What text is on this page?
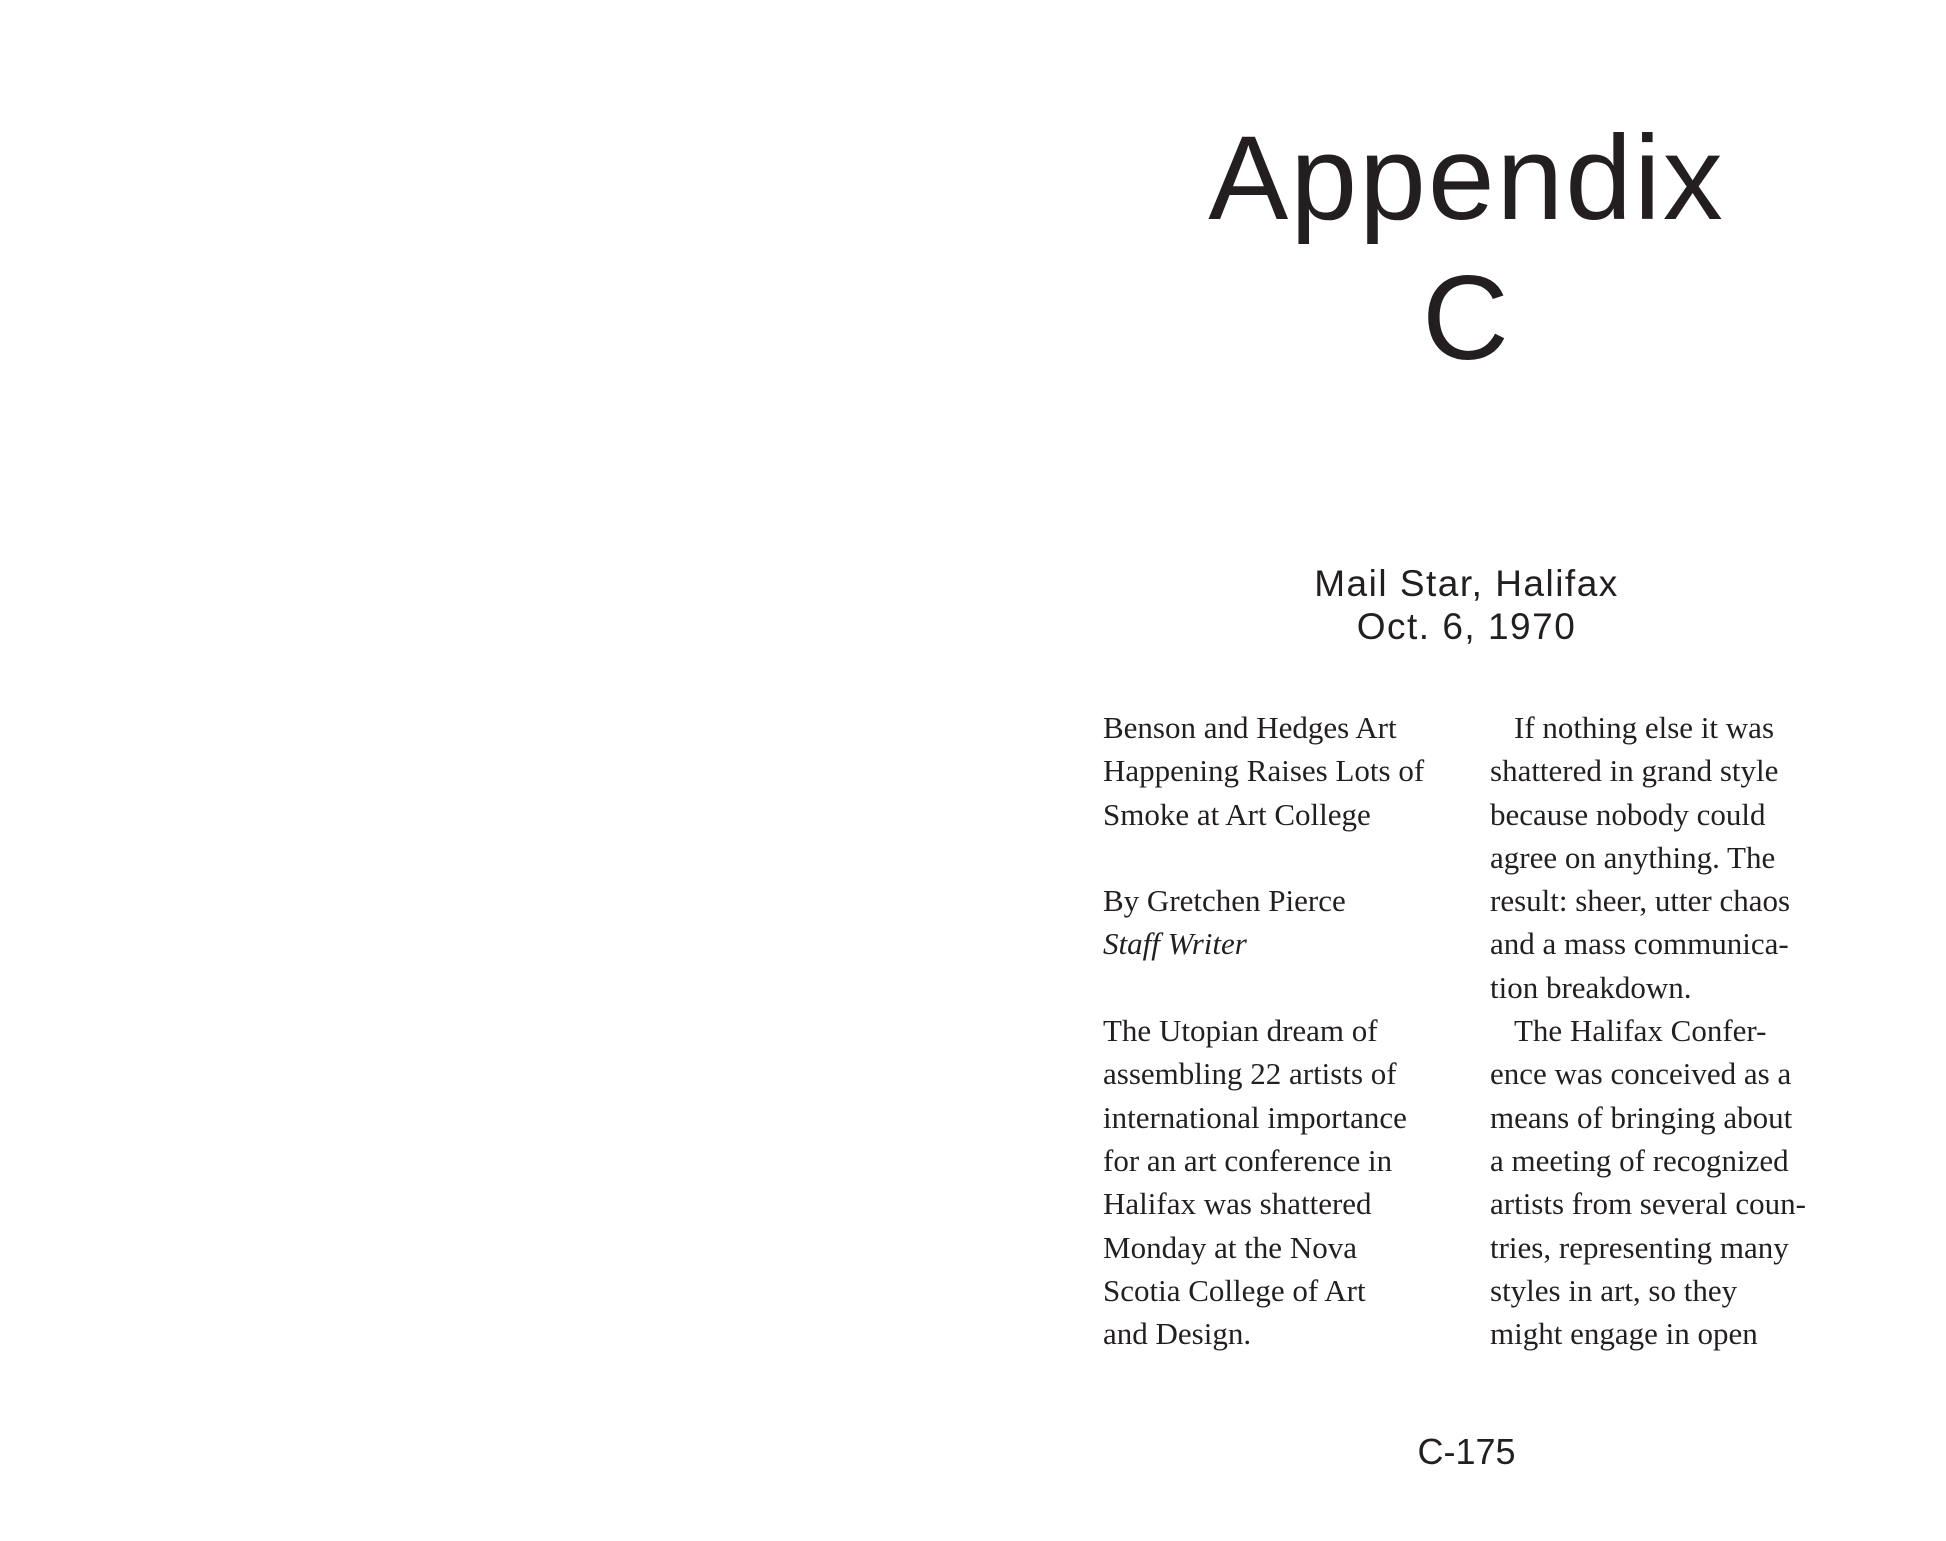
Appendix
C
Mail Star, Halifax
Oct. 6, 1970
Benson and Hedges Art
Happening Raises Lots of
Smoke at Art College
By Gretchen Pierce
Staff Writer
The Utopian dream of
assembling 22 artists of
international importance
for an art conference in
Halifax was shattered
Monday at the Nova
Scotia College of Art
and Design.
If nothing else it was
shattered in grand style
because nobody could
agree on anything. The
result: sheer, utter chaos
and a mass communica-
tion breakdown.
The Halifax Confer-
ence was conceived as a
means of bringing about
a meeting of recognized
artists from several coun-
tries, representing many
styles in art, so they
might engage in open
C-175
